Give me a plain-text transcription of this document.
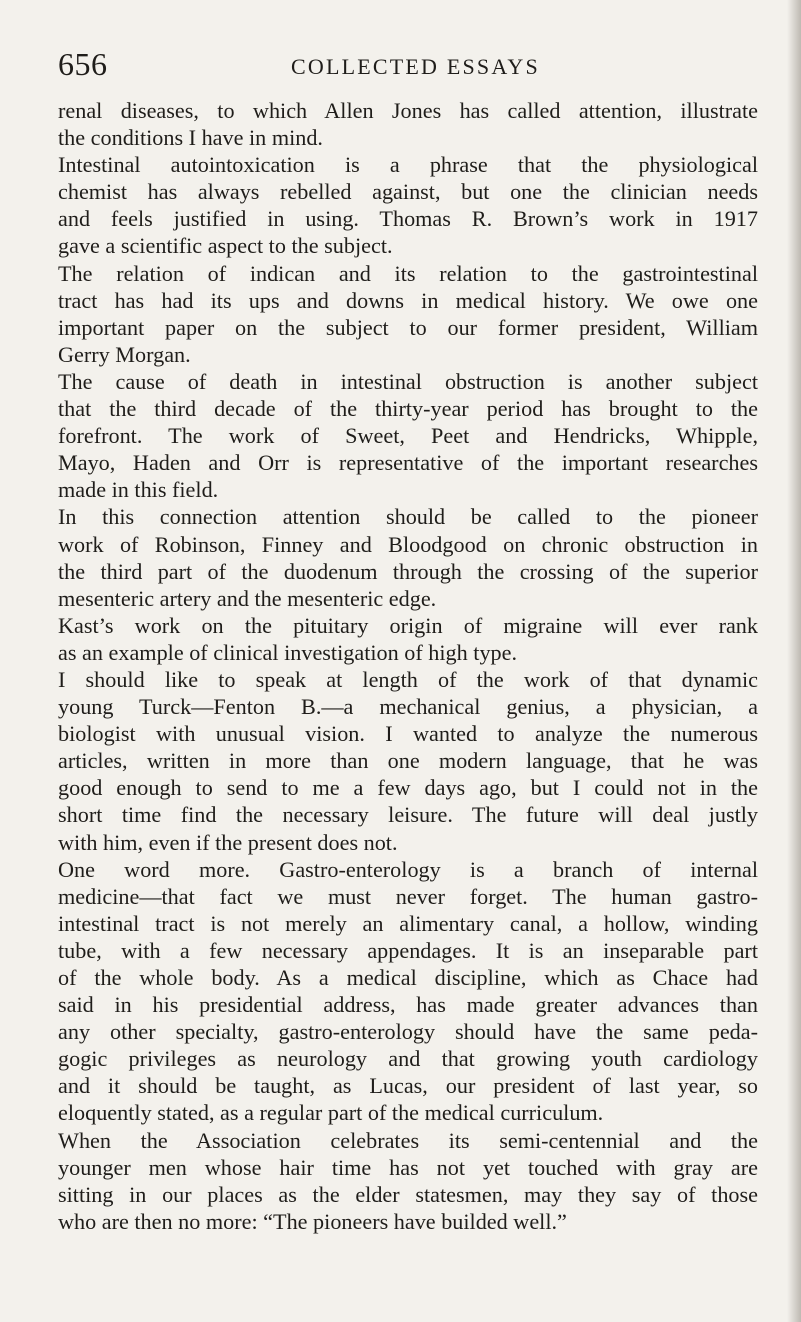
656	COLLECTED ESSAYS
renal diseases, to which Allen Jones has called attention, illustrate
the conditions I have in mind.
Intestinal autointoxication is a phrase that the physiological
chemist has always rebelled against, but one the clinician needs
and feels justified in using. Thomas R. Brown’s work in 1917
gave a scientific aspect to the subject.
The relation of indican and its relation to the gastrointestinal
tract has had its ups and downs in medical history. We owe one
important paper on the subject to our former president, William
Gerry Morgan.
The cause of death in intestinal obstruction is another subject
that the third decade of the thirty-year period has brought to the
forefront. The work of Sweet, Peet and Hendricks, Whipple,
Mayo, Haden and Orr is representative of the important researches
made in this field.
In this connection attention should be called to the pioneer
work of Robinson, Finney and Bloodgood on chronic obstruction in
the third part of the duodenum through the crossing of the superior
mesenteric artery and the mesenteric edge.
Kast’s work on the pituitary origin of migraine will ever rank
as an example of clinical investigation of high type.
I should like to speak at length of the work of that dynamic
young Turck—Fenton B.—a mechanical genius, a physician, a
biologist with unusual vision. I wanted to analyze the numerous
articles, written in more than one modern language, that he was
good enough to send to me a few days ago, but I could not in the
short time find the necessary leisure. The future will deal justly
with him, even if the present does not.
One word more. Gastro-enterology is a branch of internal
medicine—that fact we must never forget. The human gastro-
intestinal tract is not merely an alimentary canal, a hollow, winding
tube, with a few necessary appendages. It is an inseparable part
of the whole body. As a medical discipline, which as Chace had
said in his presidential address, has made greater advances than
any other specialty, gastro-enterology should have the same peda-
gogic privileges as neurology and that growing youth cardiology
and it should be taught, as Lucas, our president of last year, so
eloquently stated, as a regular part of the medical curriculum.
When the Association celebrates its semi-centennial and the
younger men whose hair time has not yet touched with gray are
sitting in our places as the elder statesmen, may they say of those
who are then no more: “The pioneers have builded well.”
